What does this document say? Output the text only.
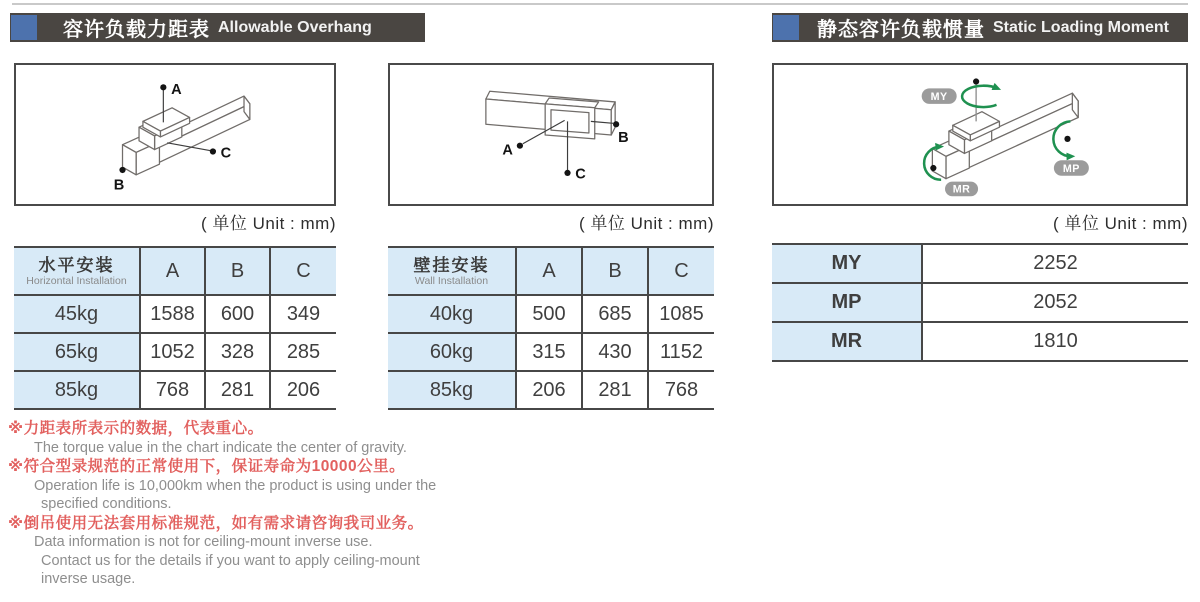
容许负载力距表 Allowable Overhang	静态容许负载惯量 Static Loading Moment
A
C
B
A
B
C
MY
MP
MR
( 单位 Unit : mm)	( 单位 Unit : mm)	( 单位 Unit : mm)
水平安装
Horizontal Installation	A	B	C
45kg	1588	600	349
65kg	1052	328	285
85kg	768	281	206
壁挂安装
Wall Installation	A	B	C
40kg	500	685	1085
60kg	315	430	1152
85kg	206	281	768
MY	2252
MP	2052
MR	1810
※力距表所表示的数据，代表重心。
The torque value in the chart indicate the center of gravity.
※符合型录规范的正常使用下，保证寿命为10000公里。
Operation life is 10,000km when the product is using under the
specified conditions.
※倒吊使用无法套用标准规范，如有需求请咨询我司业务。
Data information is not for ceiling-mount inverse use.
Contact us for the details if you want to apply ceiling-mount
inverse usage.
